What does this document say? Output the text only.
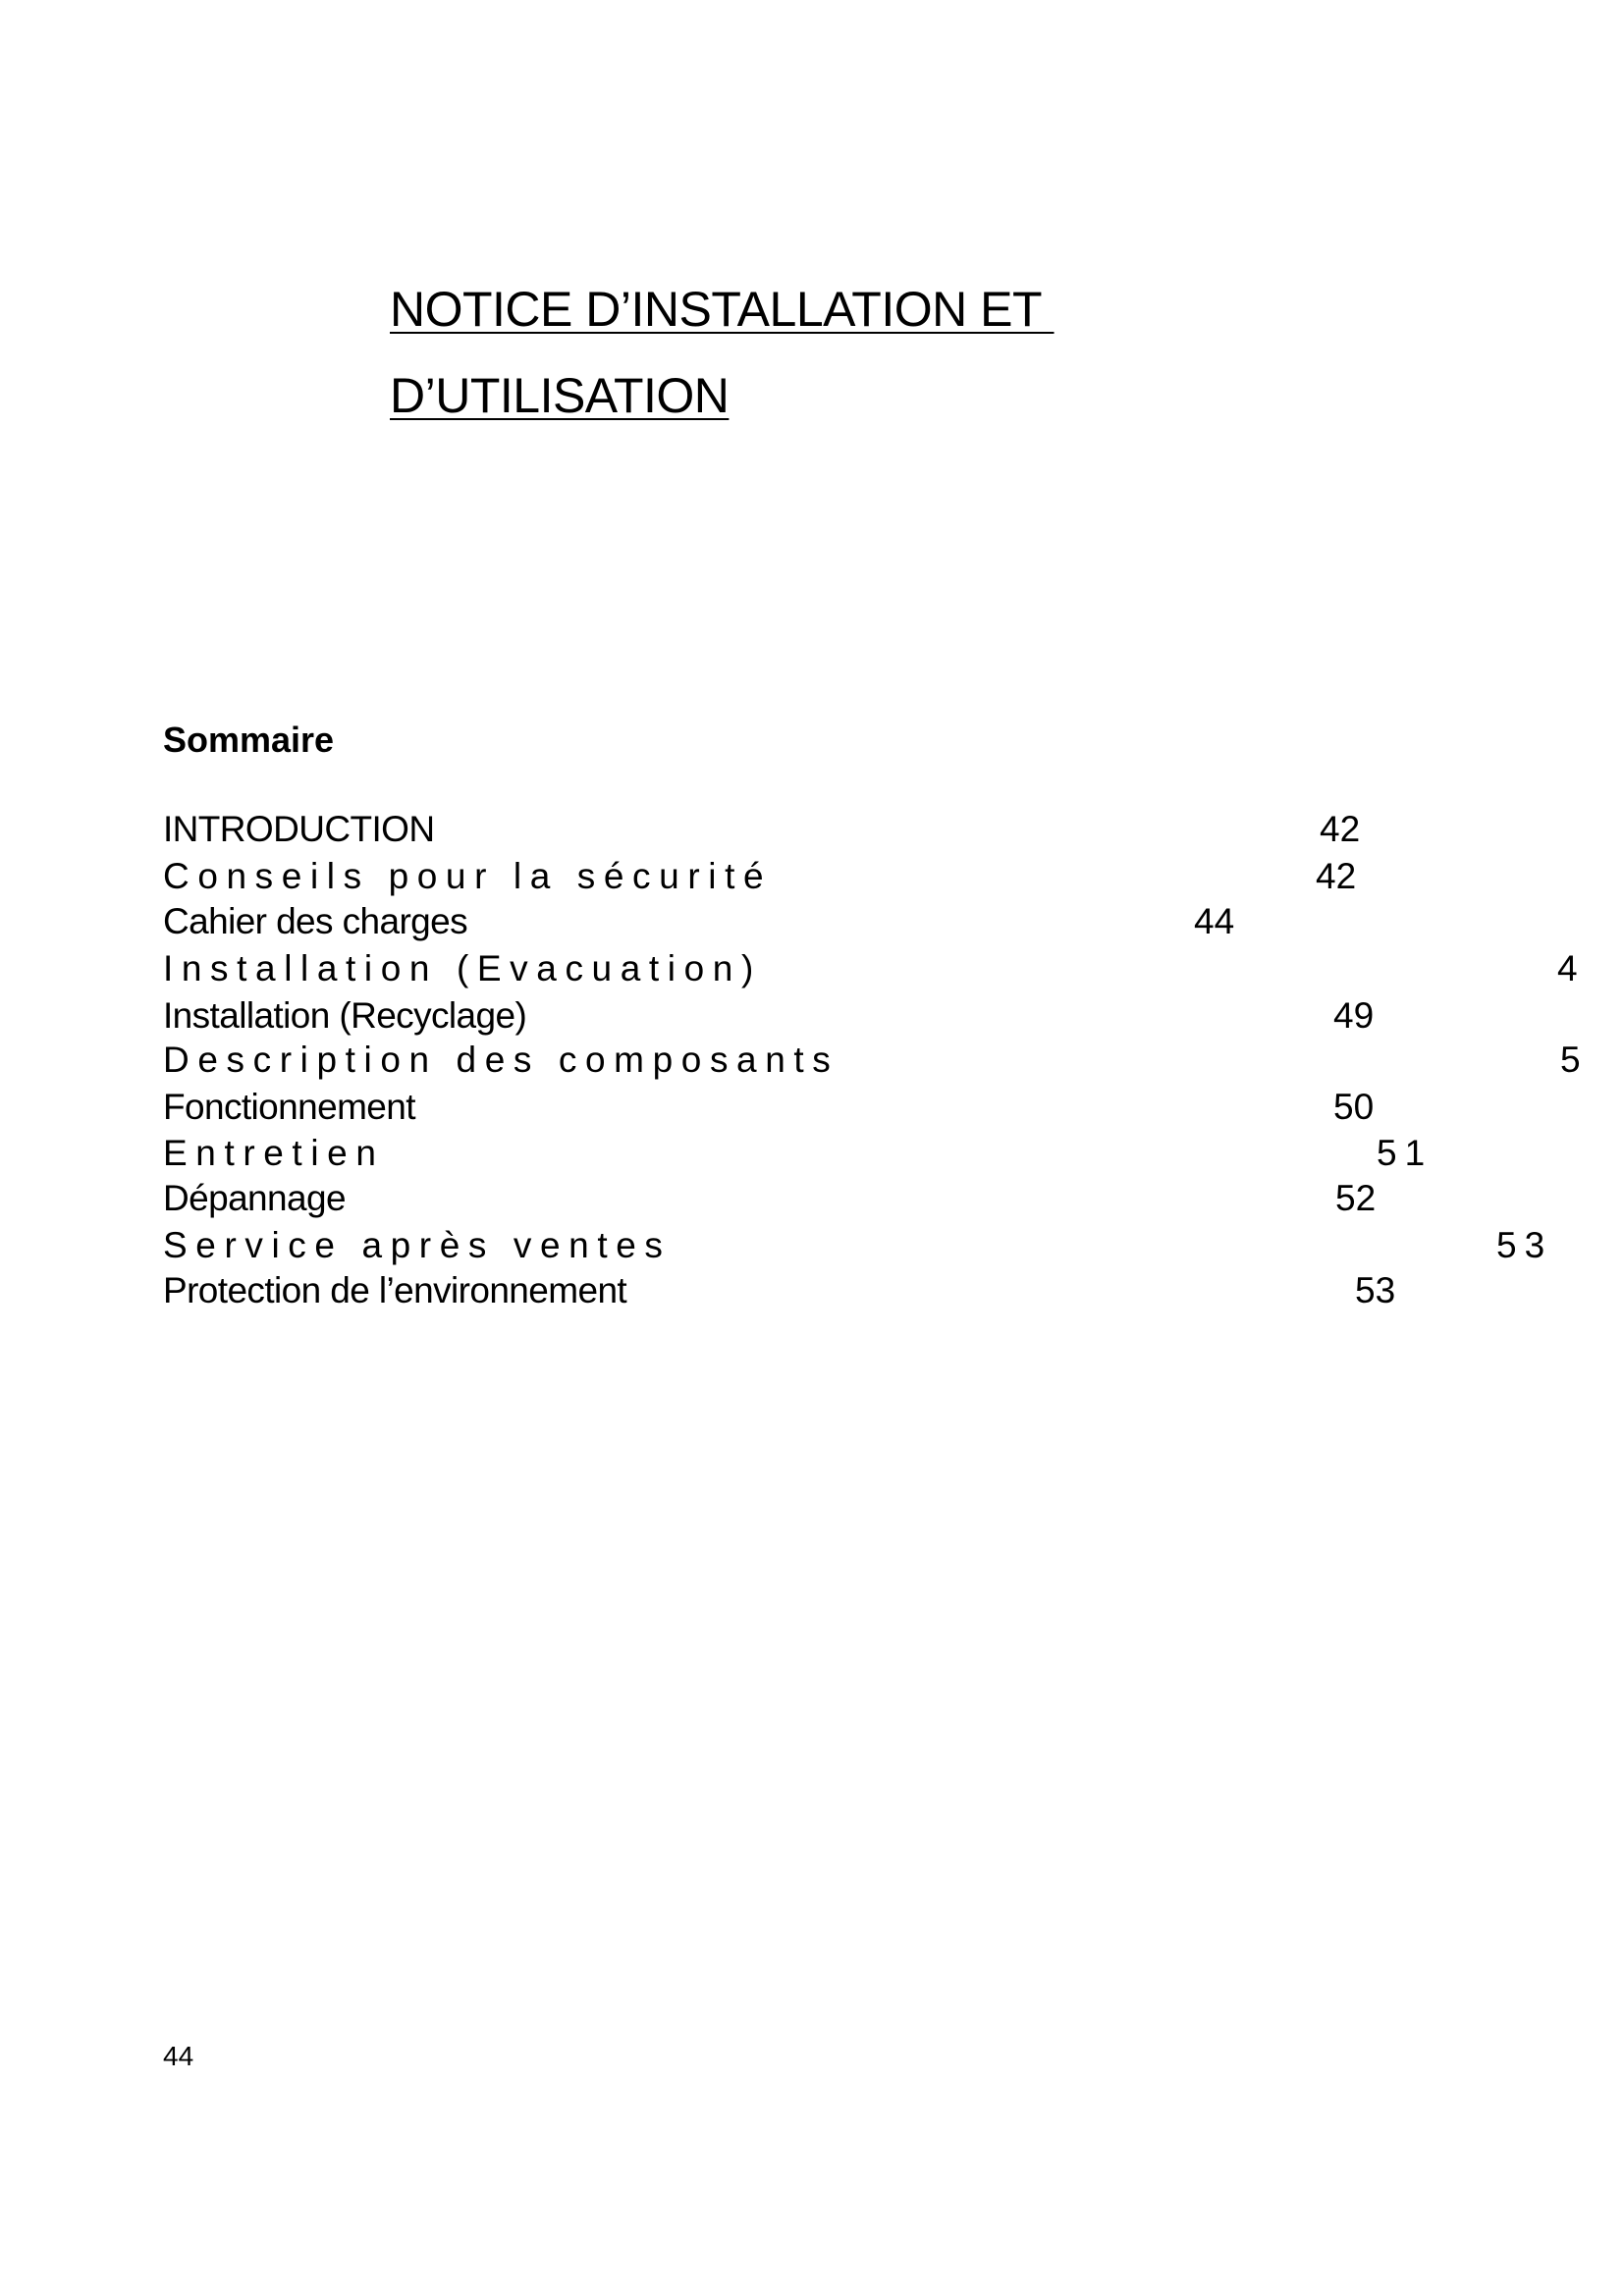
NOTICE D’INSTALLATION ET
D’UTILISATION
Sommaire
INTRODUCTION	42
Conseils pour la sécurité	42
Cahier des charges	44
Installation (Evacuation)	4
Installation (Recyclage)	49
Description des composants	5
Fonctionnement	50
Entretien	51
Dépannage	52
Service après ventes	53
Protection de l’environnement	53
44
